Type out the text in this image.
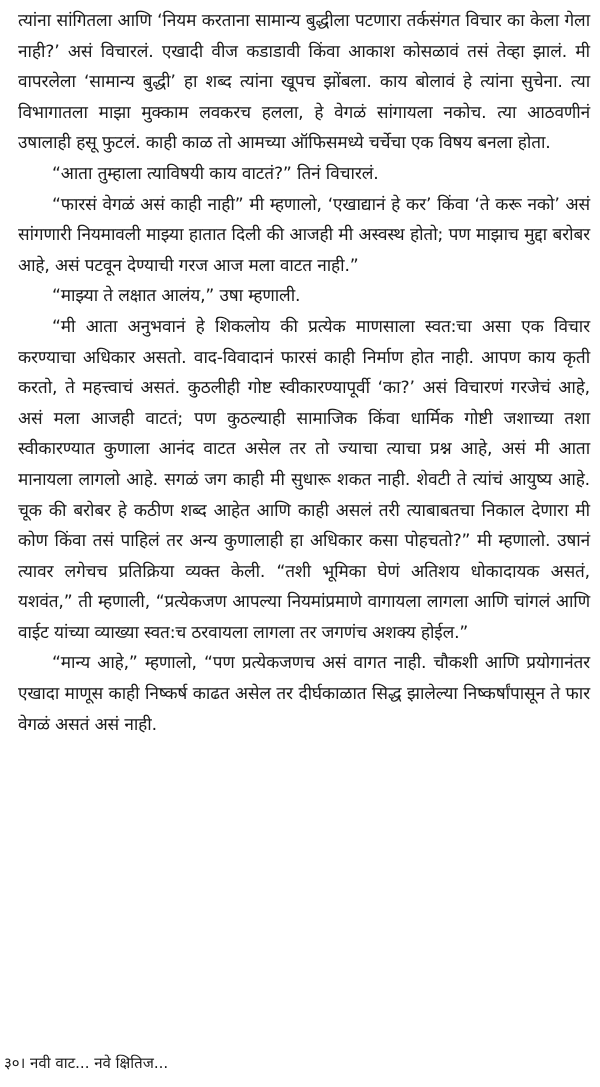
त्यांना सांगितला आणि ‘नियम करताना सामान्य बुद्धीला पटणारा तर्कसंगत विचार का केला गेला नाही?’ असं विचारलं. एखादी वीज कडाडावी किंवा आकाश कोसळावं तसं तेव्हा झालं. मी वापरलेला ‘सामान्य बुद्धी’ हा शब्द त्यांना खूपच झोंबला. काय बोलावं हे त्यांना सुचेना. त्या विभागातला माझा मुक्काम लवकरच हलला, हे वेगळं सांगायला नकोच. त्या आठवणीनं उषालाही हसू फुटलं. काही काळ तो आमच्या ऑफिसमध्ये चर्चेचा एक विषय बनला होता.

“आता तुम्हाला त्याविषयी काय वाटतं?” तिनं विचारलं.

“फारसं वेगळं असं काही नाही” मी म्हणालो, ‘एखाद्यानं हे कर’ किंवा ‘ते करू नको’ असं सांगणारी नियमावली माझ्या हातात दिली की आजही मी अस्वस्थ होतो; पण माझाच मुद्दा बरोबर आहे, असं पटवून देण्याची गरज आज मला वाटत नाही.”

“माझ्या ते लक्षात आलंय,” उषा म्हणाली.

“मी आता अनुभवानं हे शिकलोय की प्रत्येक माणसाला स्वत:चा असा एक विचार करण्याचा अधिकार असतो. वाद-विवादानं फारसं काही निर्माण होत नाही. आपण काय कृती करतो, ते महत्त्वाचं असतं. कुठलीही गोष्ट स्वीकारण्यापूर्वी ‘का?’ असं विचारणं गरजेचं आहे, असं मला आजही वाटतं; पण कुठल्याही सामाजिक किंवा धार्मिक गोष्टी जशाच्या तशा स्वीकारण्यात कुणाला आनंद वाटत असेल तर तो ज्याचा त्याचा प्रश्न आहे, असं मी आता मानायला लागलो आहे. सगळं जग काही मी सुधारू शकत नाही. शेवटी ते त्यांचं आयुष्य आहे. चूक की बरोबर हे कठीण शब्द आहेत आणि काही असलं तरी त्याबाबतचा निकाल देणारा मी कोण किंवा तसं पाहिलं तर अन्य कुणालाही हा अधिकार कसा पोहचतो?” मी म्हणालो. उषानं त्यावर लगेचच प्रतिक्रिया व्यक्त केली. “तशी भूमिका घेणं अतिशय धोकादायक असतं, यशवंत,” ती म्हणाली, “प्रत्येकजण आपल्या नियमांप्रमाणे वागायला लागला आणि चांगलं आणि वाईट यांच्या व्याख्या स्वत:च ठरवायला लागला तर जगणंच अशक्य होईल.”

“मान्य आहे,” म्हणालो, “पण प्रत्येकजणच असं वागत नाही. चौकशी आणि प्रयोगानंतर एखादा माणूस काही निष्कर्ष काढत असेल तर दीर्घकाळात सिद्ध झालेल्या निष्कर्षांपासून ते फार वेगळं असतं असं नाही.

३०। नवी वाट... नवे क्षितिज...
